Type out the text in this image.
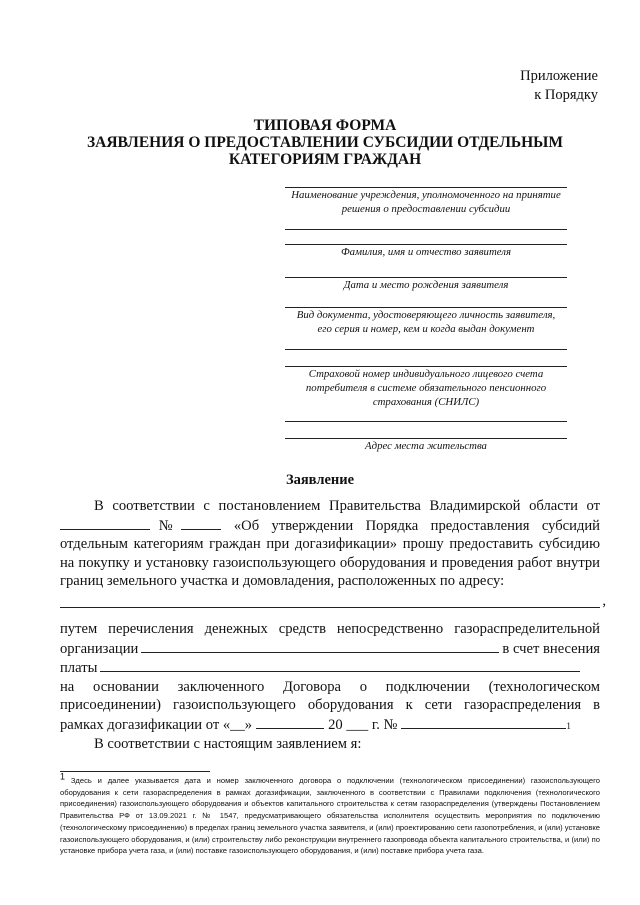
Приложение
к Порядку
ТИПОВАЯ ФОРМА
ЗАЯВЛЕНИЯ О ПРЕДОСТАВЛЕНИИ СУБСИДИИ ОТДЕЛЬНЫМ
КАТЕГОРИЯМ ГРАЖДАН
Наименование учреждения, уполномоченного на принятие
решения о предоставлении субсидии
Фамилия, имя и отчество заявителя
Дата и место рождения заявителя
Вид документа, удостоверяющего личность заявителя,
его серия и номер, кем и когда выдан документ
Страховой номер индивидуального лицевого счета
потребителя в системе обязательного пенсионного
страхования (СНИЛС)
Адрес места жительства
Заявление

В соответствии с постановлением Правительства Владимирской области от№	«Об утверждении Порядка предоставления субсидий отдельным категориям граждан при догазификации» прошу предоставить субсидию на покупку и установку газоиспользующего оборудования и проведения работ внутри границ земельного участка и домовладения, расположенных по адресу:

,

путем перечисления денежных средств непосредственно газораспределительной

организации	в счет внесения
платы

на основании заключенного Договора о подключении (технологическом присоединении) газоиспользующего оборудования к сети газораспределения в

рамках догазификации от «__»	20 ___ г. №	1

В соответствии с настоящим заявлением я:

1 Здесь и далее указывается дата и номер заключенного договора о подключении (технологическом присоединении) газоиспользующего оборудования к сети газораспределения в рамках догазификации, заключенного в соответствии с Правилами подключения (технологического присоединения) газоиспользующего оборудования и объектов капитального строительства к сетям газораспределения (утверждены Постановлением Правительства РФ от 13.09.2021 г. № 1547, предусматривающего обязательства исполнителя осуществить мероприятия по подключению (технологическому присоединению) в пределах границ земельного участка заявителя, и (или) проектированию сети газопотребления, и (или) установке газоиспользующего оборудования, и (или) строительству либо реконструкции внутреннего газопровода объекта капитального строительства, и (или) по установке прибора учета газа, и (или) поставке газоиспользующего оборудования, и (или) поставке прибора учета газа.
